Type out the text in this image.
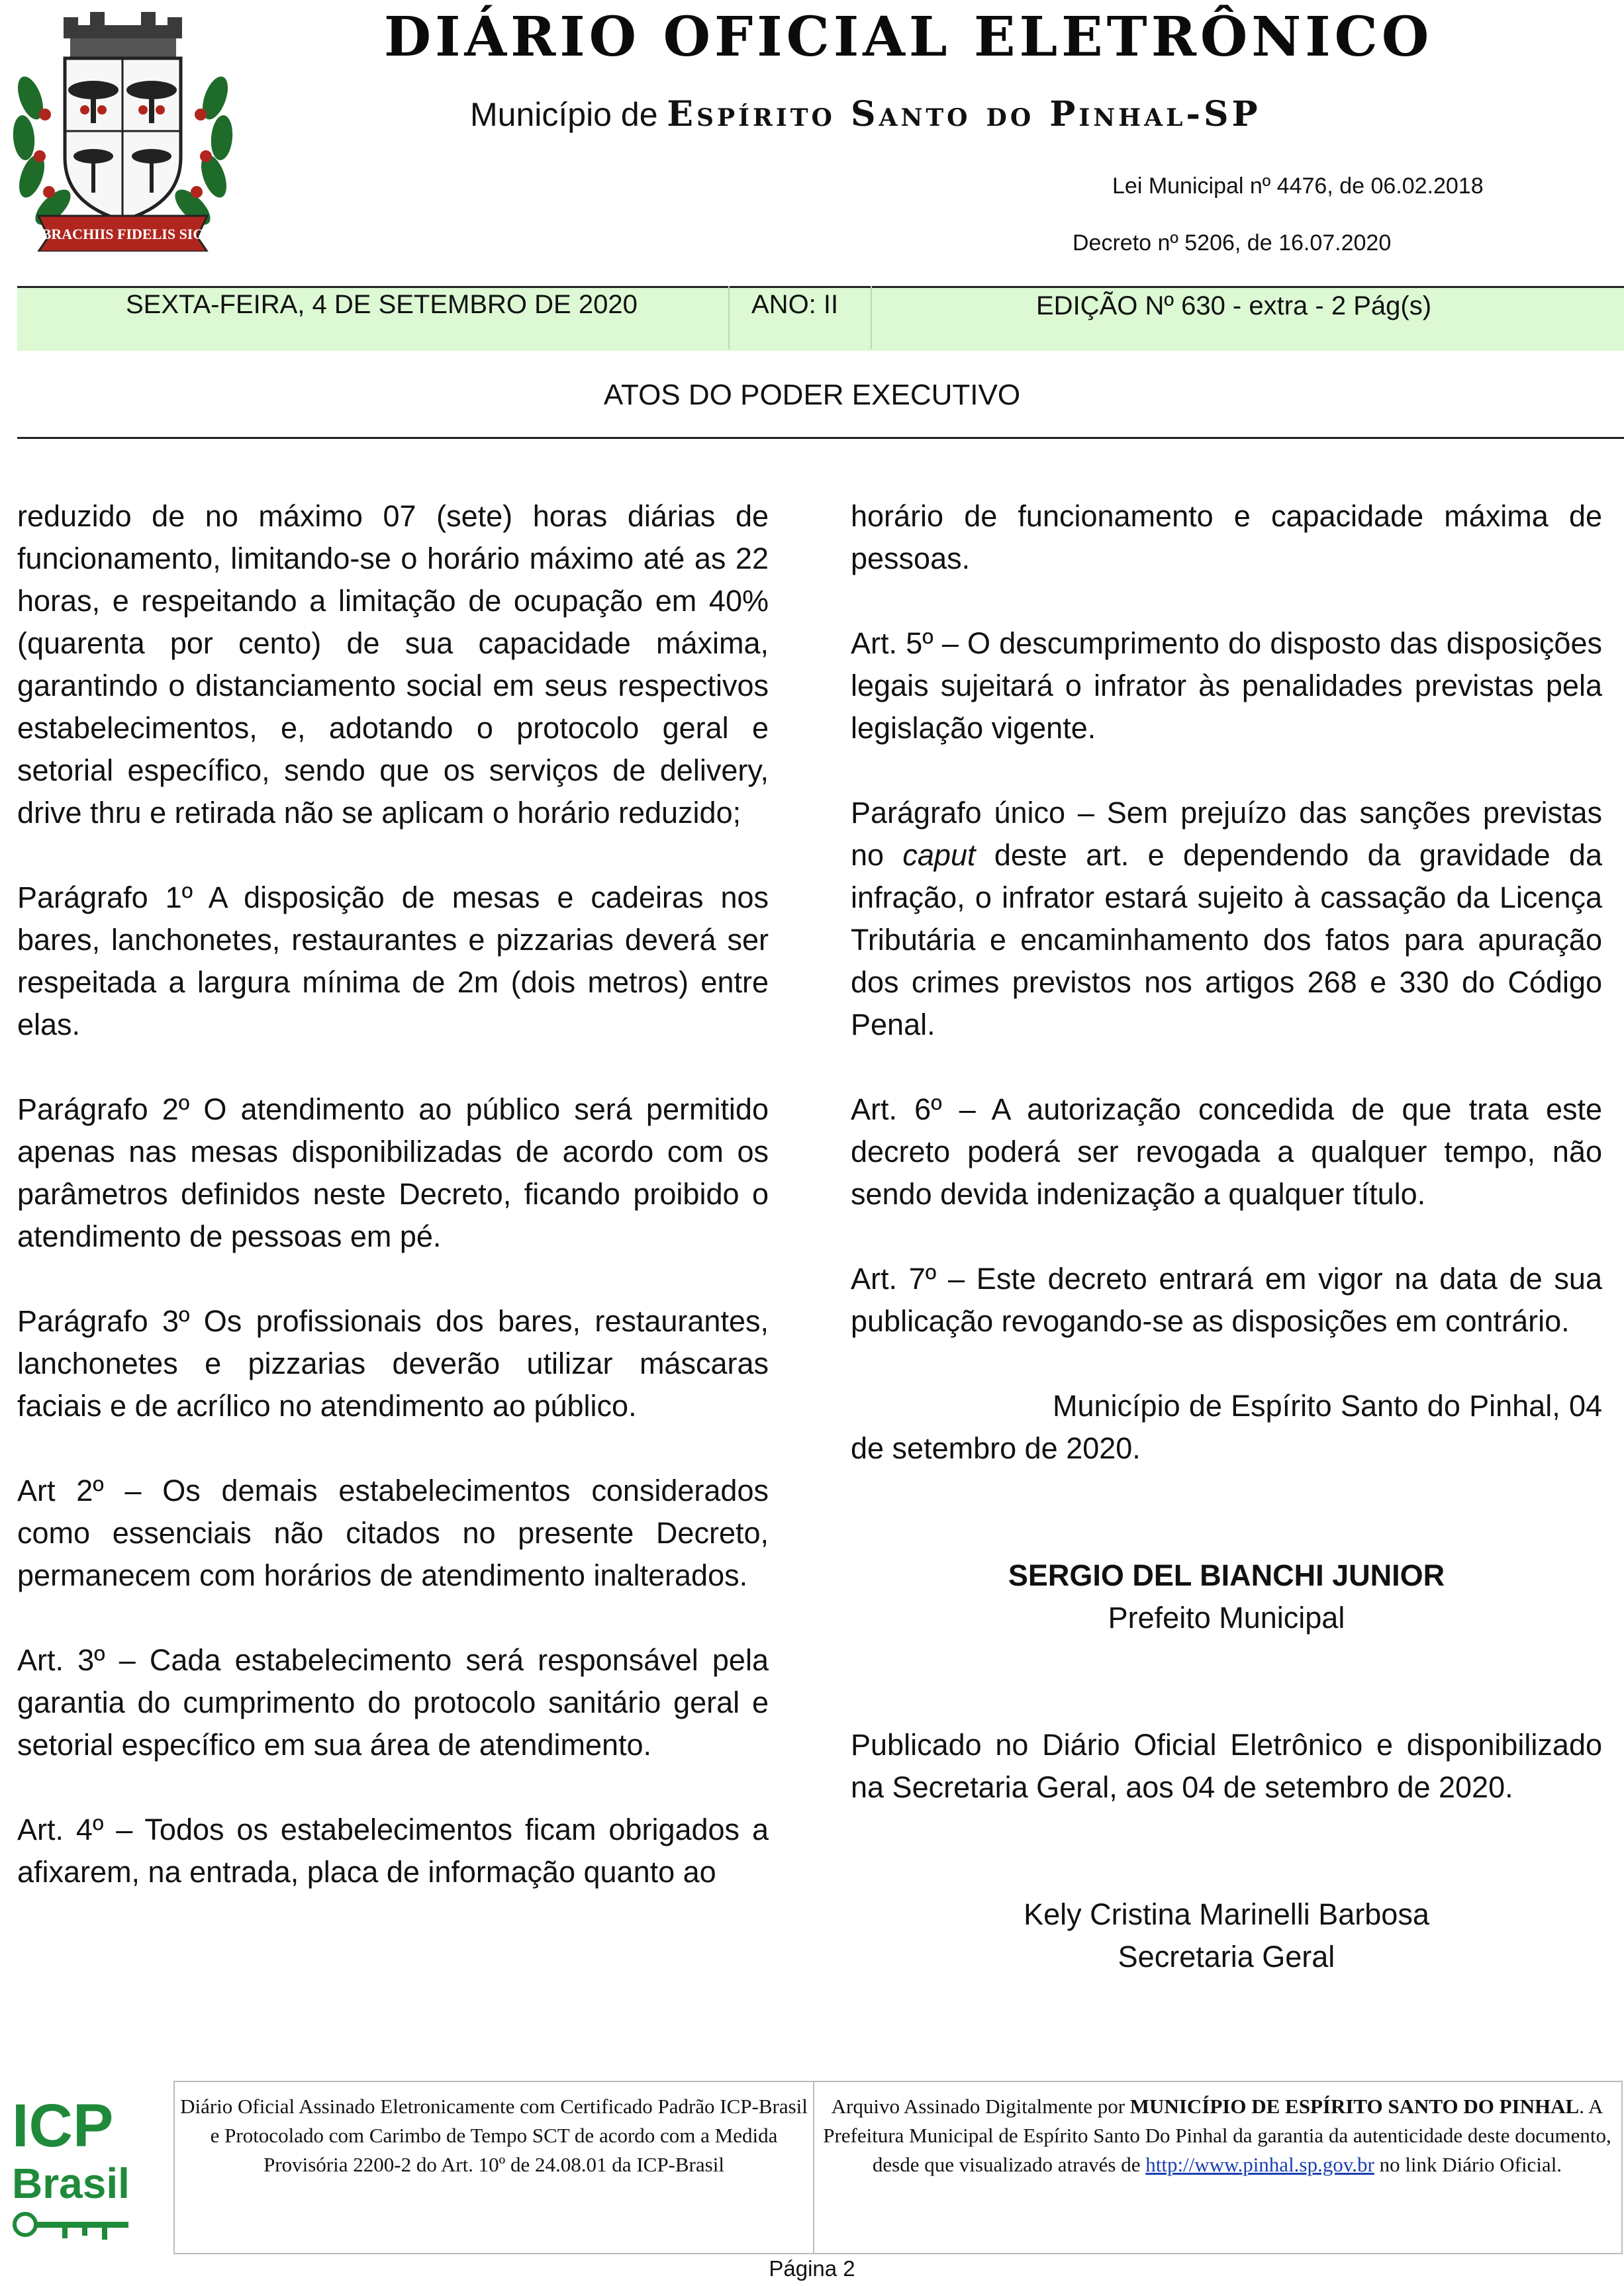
BRACHIIS FIDELIS SIC
DIÁRIO OFICIAL ELETRÔNICO
Município de Espírito Santo do Pinhal-SP
Lei Municipal nº 4476, de 06.02.2018
Decreto nº 5206, de 16.07.2020
SEXTA-FEIRA, 4 DE SETEMBRO DE 2020	ANO: II	EDIÇÃO Nº 630 - extra - 2 Pág(s)
ATOS DO PODER EXECUTIVO

reduzido de no máximo 07 (sete) horas diárias de funcionamento, limitando-se o horário máximo até as 22 horas, e respeitando a limitação de ocupação em 40% (quarenta por cento) de sua capacidade máxima, garantindo o distanciamento social em seus respectivos estabelecimentos, e, adotando o protocolo geral e setorial específico, sendo que os serviços de delivery, drive thru e retirada não se aplicam o horário reduzido;

Parágrafo 1º A disposição de mesas e cadeiras nos bares, lanchonetes, restaurantes e pizzarias deverá ser respeitada a largura mínima de 2m (dois metros) entre elas.

Parágrafo 2º O atendimento ao público será permitido apenas nas mesas disponibilizadas de acordo com os parâmetros definidos neste Decreto, ficando proibido o atendimento de pessoas em pé.

Parágrafo 3º Os profissionais dos bares, restaurantes, lanchonetes e pizzarias deverão utilizar máscaras faciais e de acrílico no atendimento ao público.

Art 2º – Os demais estabelecimentos considerados como essenciais não citados no presente Decreto, permanecem com horários de atendimento inalterados.

Art. 3º – Cada estabelecimento será responsável pela garantia do cumprimento do protocolo sanitário geral e setorial específico em sua área de atendimento.

Art. 4º – Todos os estabelecimentos ficam obrigados a afixarem, na entrada, placa de informação quanto ao

horário de funcionamento e capacidade máxima de pessoas.

Art. 5º – O descumprimento do disposto das disposições legais sujeitará o infrator às penalidades previstas pela legislação vigente.

Parágrafo único – Sem prejuízo das sanções previstas no caput deste art. e dependendo da gravidade da infração, o infrator estará sujeito à cassação da Licença Tributária e encaminhamento dos fatos para apuração dos crimes previstos nos artigos 268 e 330 do Código Penal.

Art. 6º – A autorização concedida de que trata este decreto poderá ser revogada a qualquer tempo, não sendo devida indenização a qualquer título.

Art. 7º – Este decreto entrará em vigor na data de sua publicação revogando-se as disposições em contrário.

Município de Espírito Santo do Pinhal, 04 de setembro de 2020.

SERGIO DEL BIANCHI JUNIOR

Prefeito Municipal

Publicado no Diário Oficial Eletrônico e disponibilizado na Secretaria Geral, aos 04 de setembro de 2020.

Kely Cristina Marinelli Barbosa

Secretaria Geral

ICP
Brasil
Diário Oficial Assinado Eletronicamente com Certificado Padrão ICP-Brasil e Protocolado com Carimbo de Tempo SCT de acordo com a Medida Provisória 2200-2 do Art. 10º de 24.08.01 da ICP-Brasil
Arquivo Assinado Digitalmente por MUNICÍPIO DE ESPÍRITO SANTO DO PINHAL. A Prefeitura Municipal de Espírito Santo Do Pinhal da garantia da autenticidade deste documento, desde que visualizado através de http://www.pinhal.sp.gov.br no link Diário Oficial.
Página 2
